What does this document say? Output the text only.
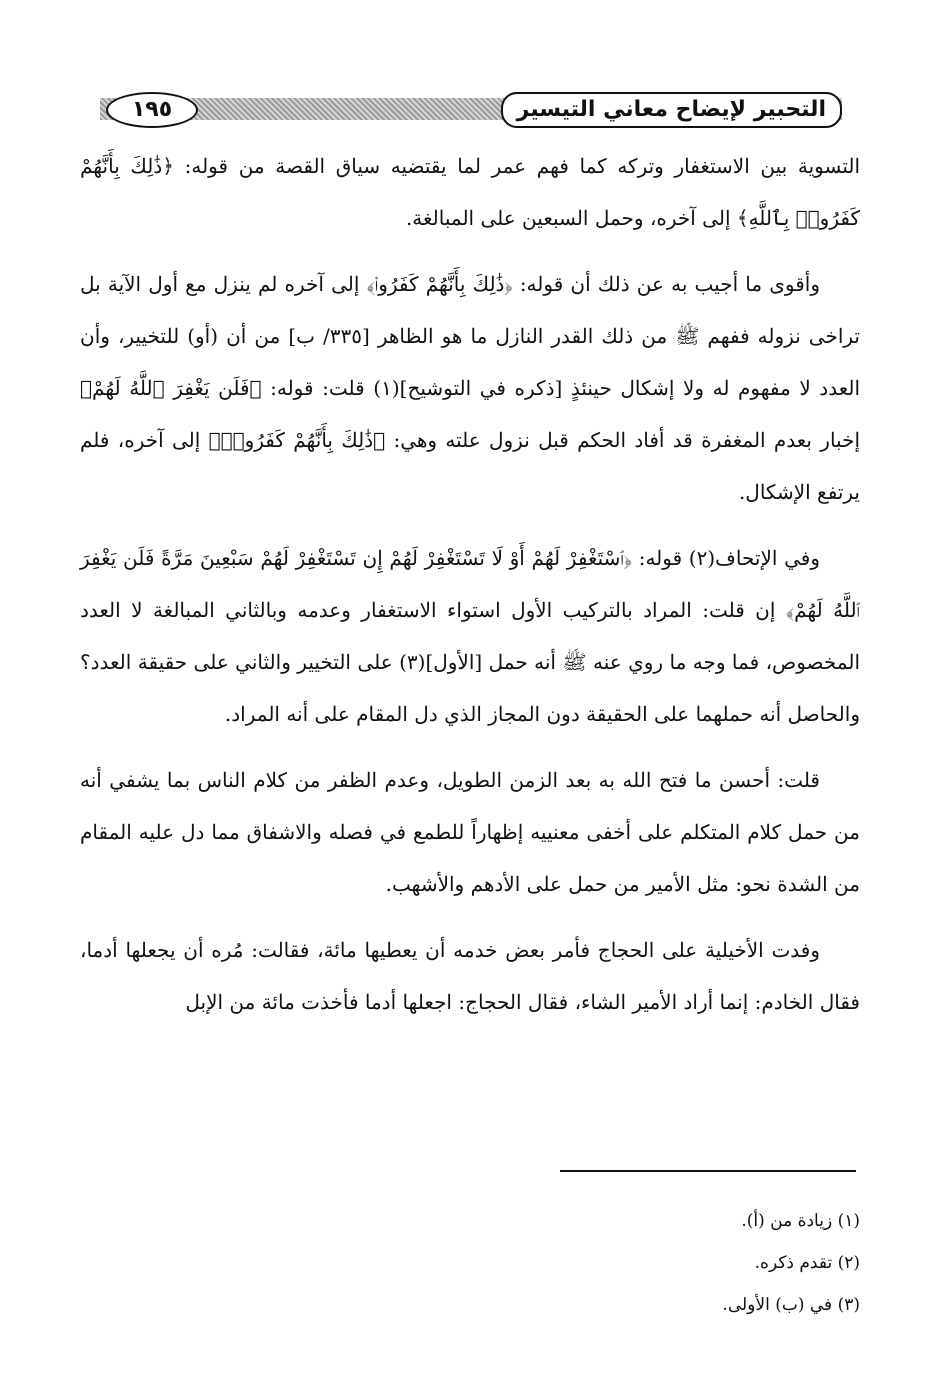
التحبير لإيضاح معاني التيسير
١٩٥

التسوية بين الاستغفار وتركه كما فهم عمر لما يقتضيه سياق القصة من قوله: ﴿ذَٰلِكَ بِأَنَّهُمْ كَفَرُوا۟ بِٱللَّهِ﴾ إلى آخره، وحمل السبعين على المبالغة.

وأقوى ما أجيب به عن ذلك أن قوله: ﴿ذَٰلِكَ بِأَنَّهُمْ كَفَرُوا۟﴾ إلى آخره لم ينزل مع أول الآية بل تراخى نزوله ففهم ﷺ من ذلك القدر النازل ما هو الظاهر [٣٣٥/ ب] من أن (أو) للتخيير، وأن العدد لا مفهوم له ولا إشكال حينئذٍ [ذكره في التوشيح](١) قلت: قوله: ﴿فَلَن يَغْفِرَ ٱللَّهُ لَهُمْ﴾ إخبار بعدم المغفرة قد أفاد الحكم قبل نزول علته وهي: ﴿ذَٰلِكَ بِأَنَّهُمْ كَفَرُوا۟﴾ إلى آخره، فلم يرتفع الإشكال.

وفي الإتحاف(٢) قوله: ﴿ٱسْتَغْفِرْ لَهُمْ أَوْ لَا تَسْتَغْفِرْ لَهُمْ إِن تَسْتَغْفِرْ لَهُمْ سَبْعِينَ مَرَّةً فَلَن يَغْفِرَ ٱللَّهُ لَهُمْ﴾ إن قلت: المراد بالتركيب الأول استواء الاستغفار وعدمه وبالثاني المبالغة لا العدد المخصوص، فما وجه ما روي عنه ﷺ أنه حمل [الأول](٣) على التخيير والثاني على حقيقة العدد؟ والحاصل أنه حملهما على الحقيقة دون المجاز الذي دل المقام على أنه المراد.

قلت: أحسن ما فتح الله به بعد الزمن الطويل، وعدم الظفر من كلام الناس بما يشفي أنه من حمل كلام المتكلم على أخفى معنييه إظهاراً للطمع في فصله والاشفاق مما دل عليه المقام من الشدة نحو: مثل الأمير من حمل على الأدهم والأشهب.

وفدت الأخيلية على الحجاج فأمر بعض خدمه أن يعطيها مائة، فقالت: مُره أن يجعلها أدما، فقال الخادم: إنما أراد الأمير الشاء، فقال الحجاج: اجعلها أدما فأخذت مائة من الإبل

(١) زيادة من (أ).
(٢) تقدم ذكره.
(٣) في (ب) الأولى.
